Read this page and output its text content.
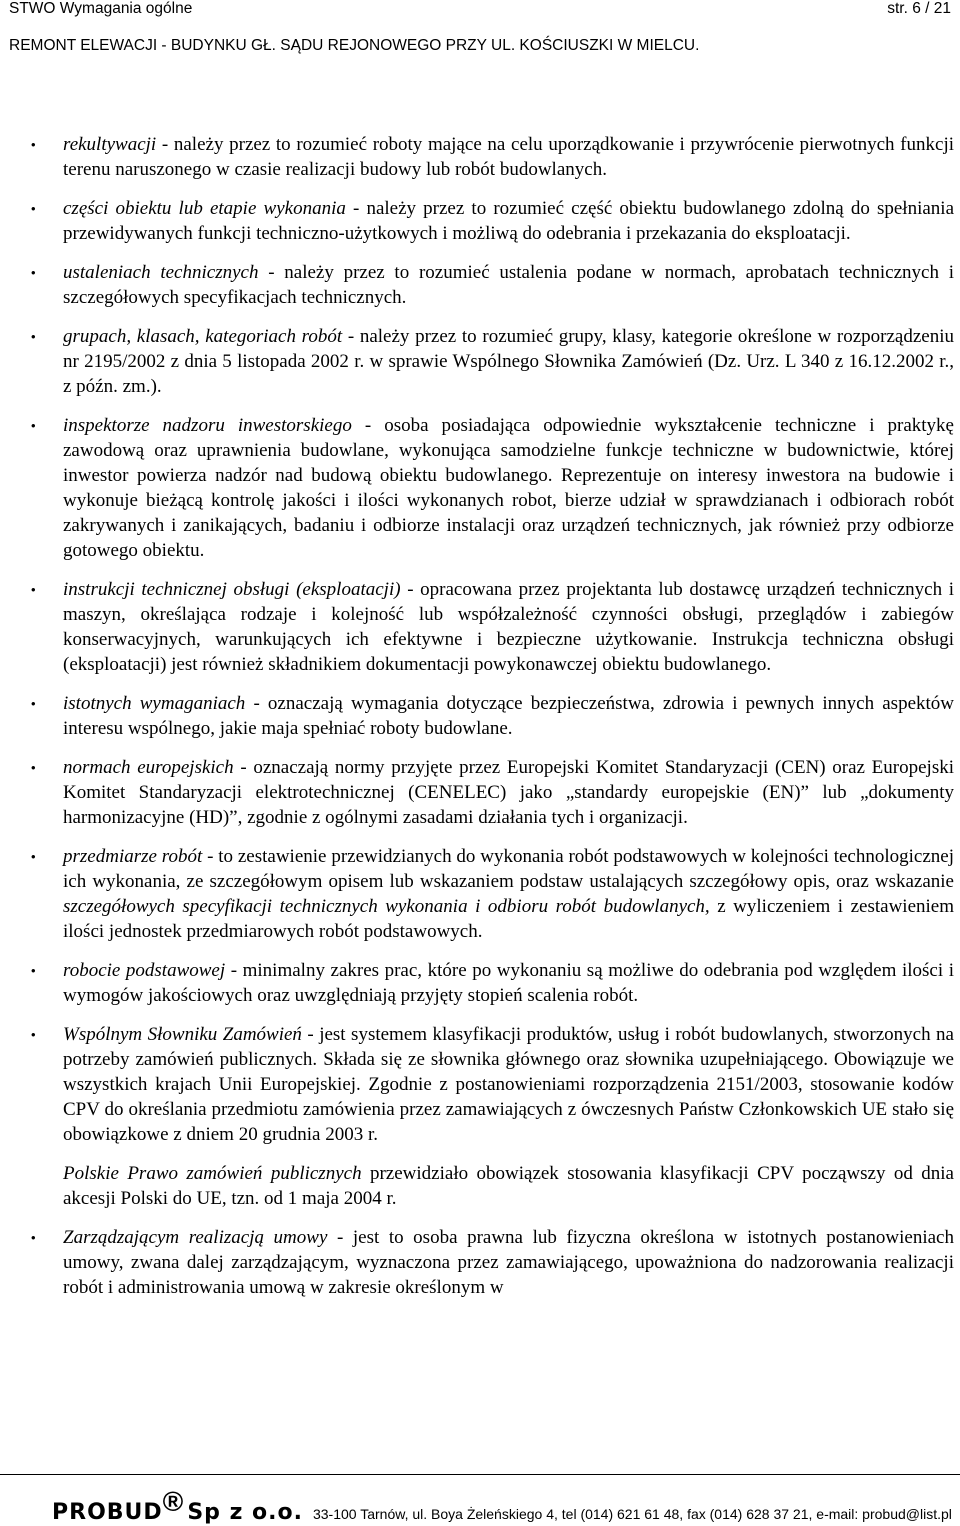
STWO Wymagania ogólne	str. 6 / 21
REMONT ELEWACJI - BUDYNKU GŁ. SĄDU REJONOWEGO PRZY UL. KOŚCIUSZKI W MIELCU.
• rekultywacji - należy przez to rozumieć roboty mające na celu uporządkowanie i przywrócenie pierwotnych funkcji terenu naruszonego w czasie realizacji budowy lub robót budowlanych.

• części obiektu lub etapie wykonania - należy przez to rozumieć część obiektu budowlanego zdolną do spełniania przewidywanych funkcji techniczno-użytkowych i możliwą do odebrania i przekazania do eksploatacji.

• ustaleniach technicznych - należy przez to rozumieć ustalenia podane w normach, aprobatach technicznych i szczegółowych specyfikacjach technicznych.

• grupach, klasach, kategoriach robót - należy przez to rozumieć grupy, klasy, kategorie określone w rozporządzeniu nr 2195/2002 z dnia 5 listopada 2002 r. w sprawie Wspólnego Słownika Zamówień (Dz. Urz. L 340 z 16.12.2002 r., z późn. zm.).

• inspektorze nadzoru inwestorskiego - osoba posiadająca odpowiednie wykształcenie techniczne i praktykę zawodową oraz uprawnienia budowlane, wykonująca samodzielne funkcje techniczne w budownictwie, której inwestor powierza nadzór nad budową obiektu budowlanego. Reprezentuje on interesy inwestora na budowie i wykonuje bieżącą kontrolę jakości i ilości wykonanych robot, bierze udział w sprawdzianach i odbiorach robót zakrywanych i zanikających, badaniu i odbiorze instalacji oraz urządzeń technicznych, jak również przy odbiorze gotowego obiektu.

• instrukcji technicznej obsługi (eksploatacji) - opracowana przez projektanta lub dostawcę urządzeń technicznych i maszyn, określająca rodzaje i kolejność lub współzależność czynności obsługi, przeglądów i zabiegów konserwacyjnych, warunkujących ich efektywne i bezpieczne użytkowanie. Instrukcja techniczna obsługi (eksploatacji) jest również składnikiem dokumentacji powykonawczej obiektu budowlanego.

• istotnych wymaganiach - oznaczają wymagania dotyczące bezpieczeństwa, zdrowia i pewnych innych aspektów interesu wspólnego, jakie maja spełniać roboty budowlane.

• normach europejskich - oznaczają normy przyjęte przez Europejski Komitet Standaryzacji (CEN) oraz Europejski Komitet Standaryzacji elektrotechnicznej (CENELEC) jako „standardy europejskie (EN)” lub „dokumenty harmonizacyjne (HD)”, zgodnie z ogólnymi zasadami działania tych i organizacji.

• przedmiarze robót - to zestawienie przewidzianych do wykonania robót podstawowych w kolejności technologicznej ich wykonania, ze szczegółowym opisem lub wskazaniem podstaw ustalających szczegółowy opis, oraz wskazanie szczegółowych specyfikacji technicznych wykonania i odbioru robót budowlanych, z wyliczeniem i zestawieniem ilości jednostek przedmiarowych robót podstawowych.

• robocie podstawowej - minimalny zakres prac, które po wykonaniu są możliwe do odebrania pod względem ilości i wymogów jakościowych oraz uwzględniają przyjęty stopień scalenia robót.

• Wspólnym Słowniku Zamówień - jest systemem klasyfikacji produktów, usług i robót budowlanych, stworzonych na potrzeby zamówień publicznych. Składa się ze słownika głównego oraz słownika uzupełniającego. Obowiązuje we wszystkich krajach Unii Europejskiej. Zgodnie z postanowieniami rozporządzenia 2151/2003, stosowanie kodów CPV do określania przedmiotu zamówienia przez zamawiających z ówczesnych Państw Członkowskich UE stało się obowiązkowe z dniem 20 grudnia 2003 r.

Polskie Prawo zamówień publicznych przewidziało obowiązek stosowania klasyfikacji CPV począwszy od dnia akcesji Polski do UE, tzn. od 1 maja 2004 r.

• Zarządzającym realizacją umowy - jest to osoba prawna lub fizyczna określona w istotnych postanowieniach umowy, zwana dalej zarządzającym, wyznaczona przez zamawiającego, upoważniona do nadzorowania realizacji robót i administrowania umową w zakresie określonym w

PROBUD® Sp z o.o. 33-100 Tarnów, ul. Boya Żeleńskiego 4, tel (014) 621 61 48, fax (014) 628 37 21, e-mail: probud@list.pl
